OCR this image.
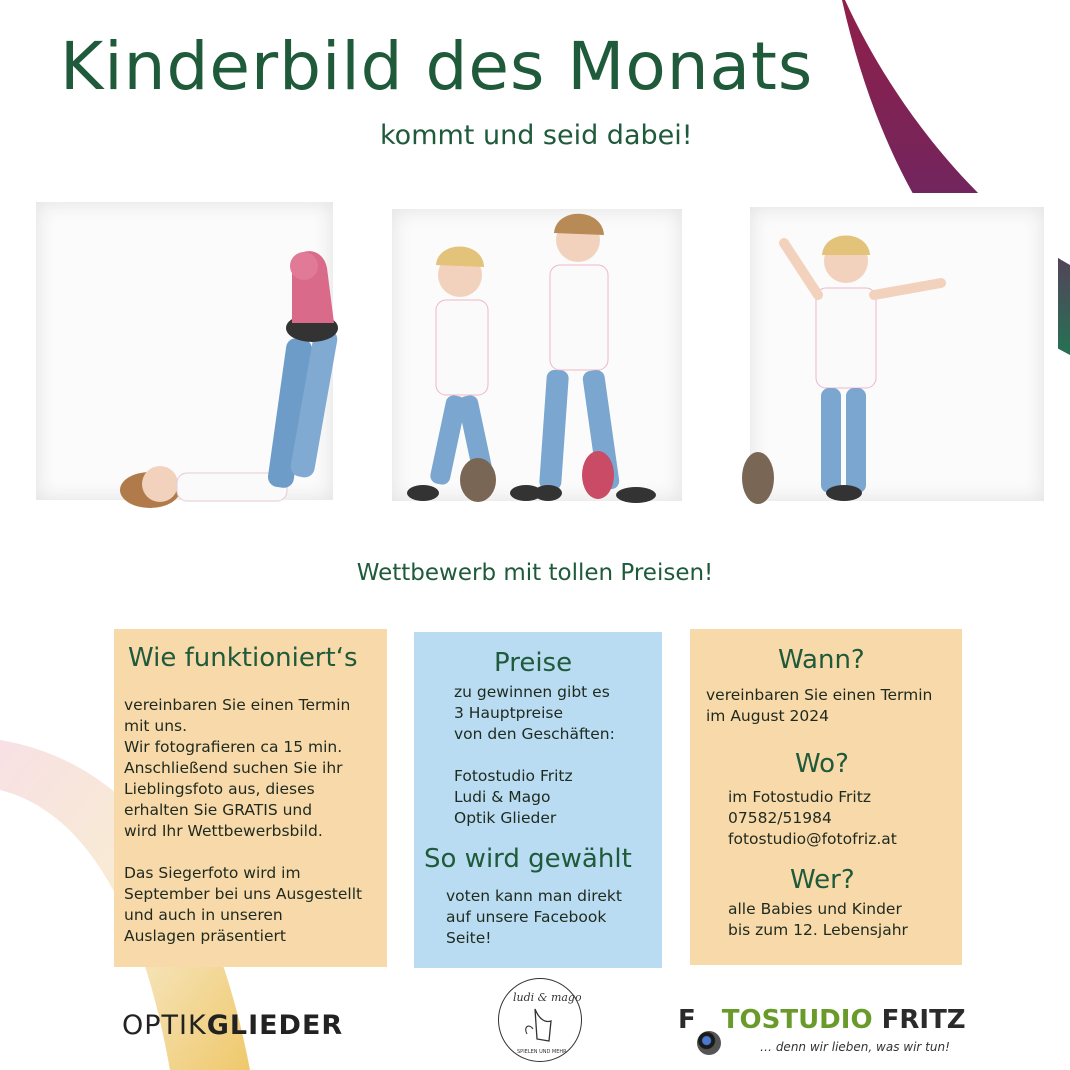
Kinderbild des Monats
kommt und seid dabei!
Wettbewerb mit tollen Preisen!
Wie funktioniert‘s
vereinbaren Sie einen Termin
mit uns.
Wir fotografieren ca 15 min.
Anschließend suchen Sie ihr
Lieblingsfoto aus, dieses
erhalten Sie GRATIS und
wird Ihr Wettbewerbsbild.

Das Siegerfoto wird im
September bei uns Ausgestellt
und auch in unseren
Auslagen präsentiert
Preise
zu gewinnen gibt es
3 Hauptpreise
von den Geschäften:

Fotostudio Fritz
Ludi & Mago
Optik Glieder
So wird gewählt
voten kann man direkt
auf unsere Facebook
Seite!
Wann?
vereinbaren Sie einen Termin
im August 2024
Wo?
im Fotostudio Fritz
07582/51984
fotostudio@fotofriz.at
Wer?
alle Babies und Kinder
bis zum 12. Lebensjahr
OPTIKGLIEDER
ludi & mago
SPIELEN UND MEHR
F TOSTUDIO FRITZ
… denn wir lieben, was wir tun!
